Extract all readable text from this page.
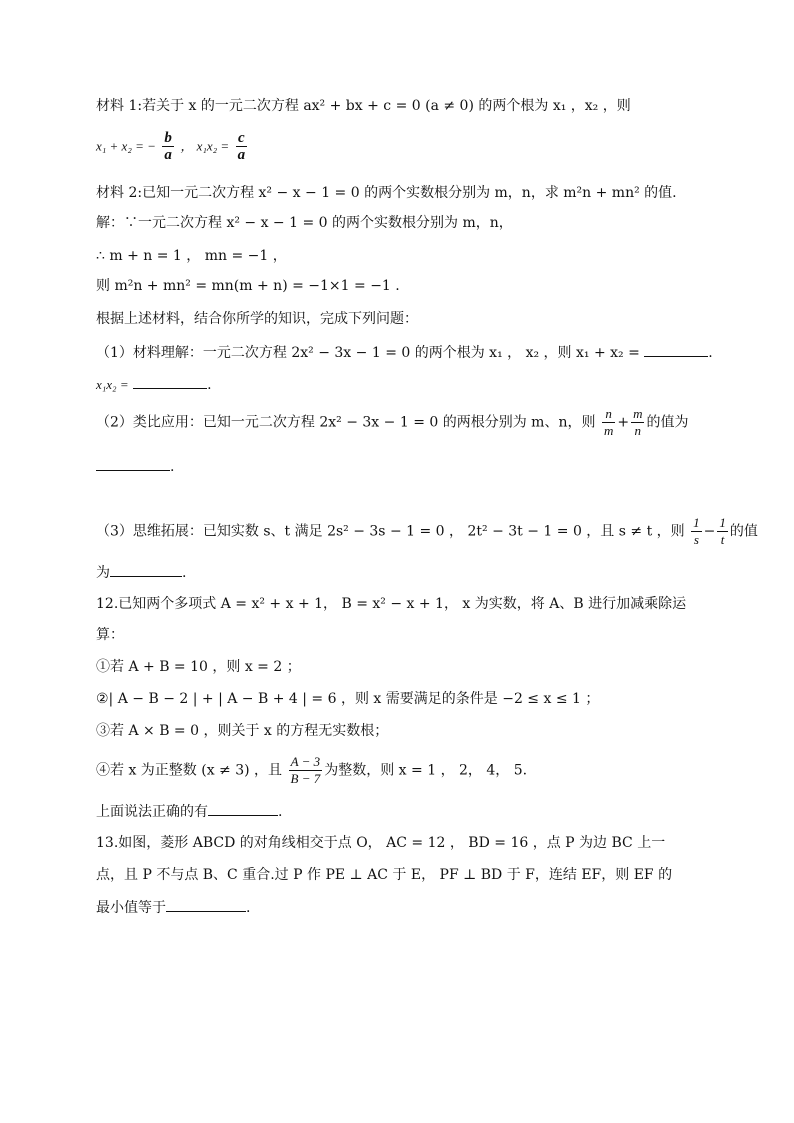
材料 1:若关于 x 的一元二次方程 ax² + bx + c = 0 (a ≠ 0) 的两个根为 x₁ ，x₂ ，则
x₁ + x₂ = − $\frac{b}{a}$ ， $x_1x_2 = \frac{c}{a}$
材料 2:已知一元二次方程 x² − x − 1 = 0 的两个实数根分别为 m，n，求 m²n + mn² 的值.
解：∵一元二次方程 x² − x − 1 = 0 的两个实数根分别为 m，n，
∴ m + n = 1 ， mn = −1 ，
则 m²n + mn² = mn(m + n) = −1×1 = −1 .
根据上述材料，结合你所学的知识，完成下列问题：
（1）材料理解：一元二次方程 2x² − 3x − 1 = 0 的两个根为 x₁ ， x₂ ，则 x₁ + x₂ =	.
x₁x₂ =	.
（2）类比应用：已知一元二次方程 2x² − 3x − 1 = 0 的两根分别为 m、n，则 $\frac{n}{m} + \frac{m}{n}$ 的值为
.
（3）思维拓展：已知实数 s、t 满足 2s² − 3s − 1 = 0 ， 2t² − 3t − 1 = 0 ，且 s ≠ t ，则 $\frac{1}{s} - \frac{1}{t}$ 的值
为	.
12.已知两个多项式 A = x² + x + 1， B = x² − x + 1， x 为实数，将 A、B 进行加减乘除运
算：
①若 A + B = 10 ，则 x = 2 ；
②| A − B − 2 | + | A − B + 4 | = 6 ，则 x 需要满足的条件是 −2 ≤ x ≤ 1 ；
③若 A × B = 0 ，则关于 x 的方程无实数根；
④若 x 为正整数 (x ≠ 3) ，且 $\frac{A - 3}{B - 7}$ 为整数，则 x = 1 ， 2， 4， 5.
上面说法正确的有	.
13.如图，菱形 ABCD 的对角线相交于点 O， AC = 12 ， BD = 16 ，点 P 为边 BC 上一
点，且 P 不与点 B、C 重合.过 P 作 PE ⊥ AC 于 E， PF ⊥ BD 于 F，连结 EF，则 EF 的
最小值等于	.
